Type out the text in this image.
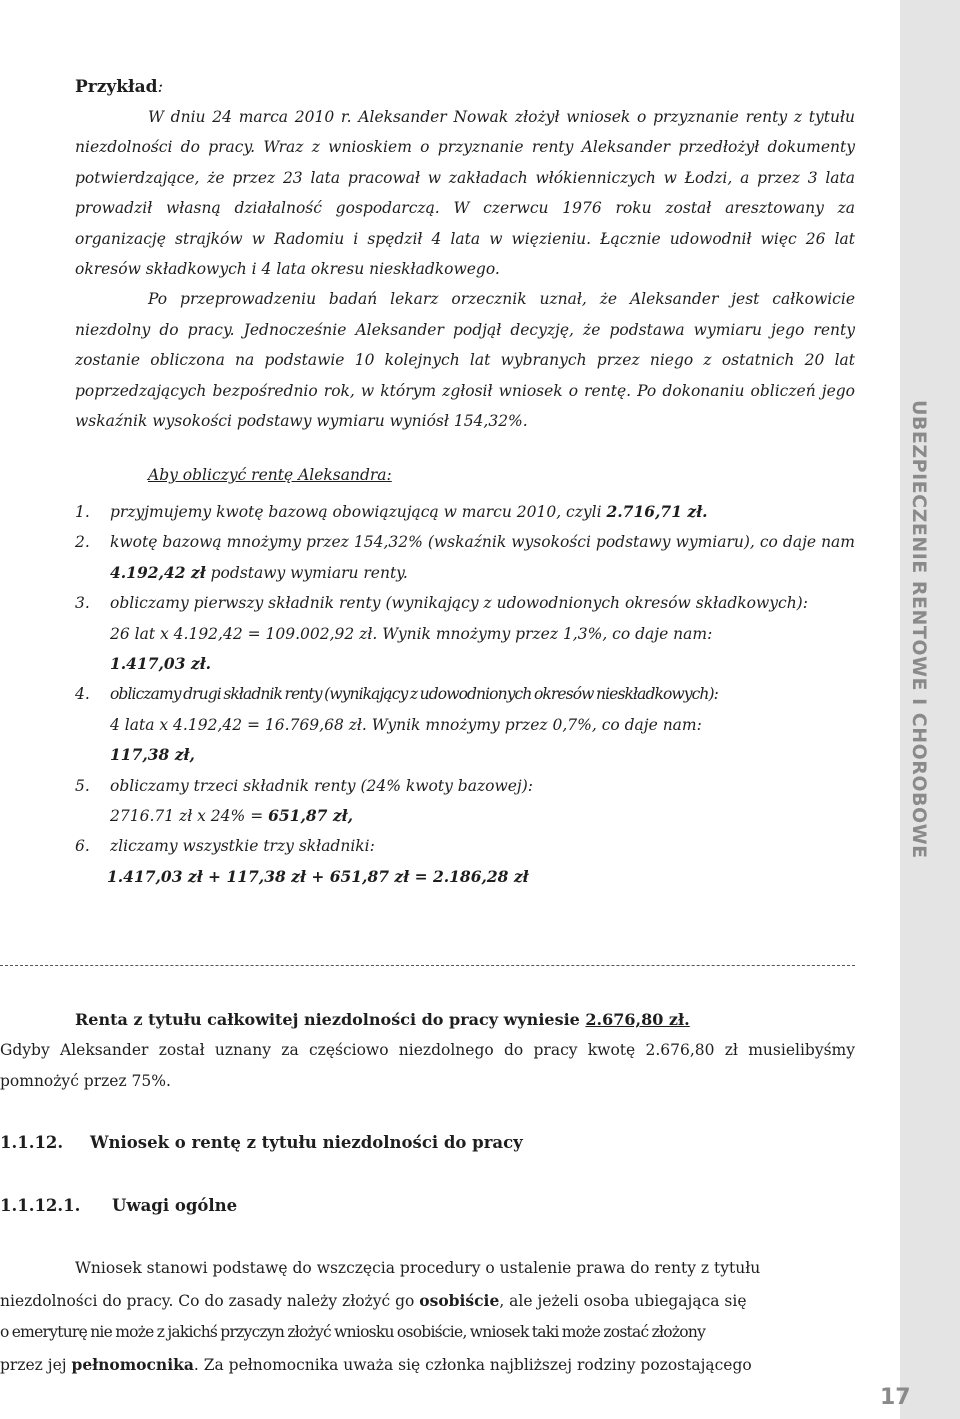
UBEZPIECZENIE RENTOWE I CHOROBOWE
17

Przykład:

W dniu 24 marca 2010 r. Aleksander Nowak złożył wniosek o przyznanie renty z tytułu niezdolności do pracy. Wraz z wnioskiem o przyznanie renty Aleksander przedłożył dokumenty potwierdzające, że przez 23 lata pracował w zakładach włókienniczych w Łodzi, a przez 3 lata prowadził własną działalność gospodarczą. W czerwcu 1976 roku został aresztowany za organizację strajków w Radomiu i spędził 4 lata w więzieniu. Łącznie udowodnił więc 26 lat okresów składkowych i 4 lata okresu nieskładkowego.

Po przeprowadzeniu badań lekarz orzecznik uznał, że Aleksander jest całkowicie niezdolny do pracy. Jednocześnie Aleksander podjął decyzję, że podstawa wymiaru jego renty zostanie obliczona na podstawie 10 kolejnych lat wybranych przez niego z ostatnich 20 lat poprzedzających bezpośrednio rok, w którym zgłosił wniosek o rentę. Po dokonaniu obliczeń jego wskaźnik wysokości podstawy wymiaru wyniósł 154,32%.

Aby obliczyć rentę Aleksandra:

1.	przyjmujemy kwotę bazową obowiązującą w marcu 2010, czyli 2.716,71 zł.
2.	kwotę bazową mnożymy przez 154,32% (wskaźnik wysokości podstawy wymiaru), co daje nam 4.192,42 zł podstawy wymiaru renty.
3.	obliczamy pierwszy składnik renty (wynikający z udowodnionych okresów składkowych):
26 lat x 4.192,42 = 109.002,92 zł. Wynik mnożymy przez 1,3%, co daje nam:
1.417,03 zł.
4.	obliczamy drugi składnik renty (wynikający z udowodnionych okresów nieskładkowych):
4 lata x 4.192,42 = 16.769,68 zł. Wynik mnożymy przez 0,7%, co daje nam:
117,38 zł,
5.	obliczamy trzeci składnik renty (24% kwoty bazowej):
2716.71 zł x 24% = 651,87 zł,
6.	zliczamy wszystkie trzy składniki:
1.417,03 zł + 117,38 zł + 651,87 zł = 2.186,28 zł

Renta z tytułu całkowitej niezdolności do pracy wyniesie 2.676,80 zł.

Gdyby Aleksander został uznany za częściowo niezdolnego do pracy kwotę 2.676,80 zł musielibyśmy pomnożyć przez 75%.

1.1.12.	Wniosek o rentę z tytułu niezdolności do pracy
1.1.12.1.	Uwagi ogólne

Wniosek stanowi podstawę do wszczęcia procedury o ustalenie prawa do renty z tytułu

niezdolności do pracy. Co do zasady należy złożyć go osobiście, ale jeżeli osoba ubiegająca się

o emeryturę nie może z jakichś przyczyn złożyć wniosku osobiście, wniosek taki może zostać złożony

przez jej pełnomocnika. Za pełnomocnika uważa się członka najbliższej rodziny pozostającego
